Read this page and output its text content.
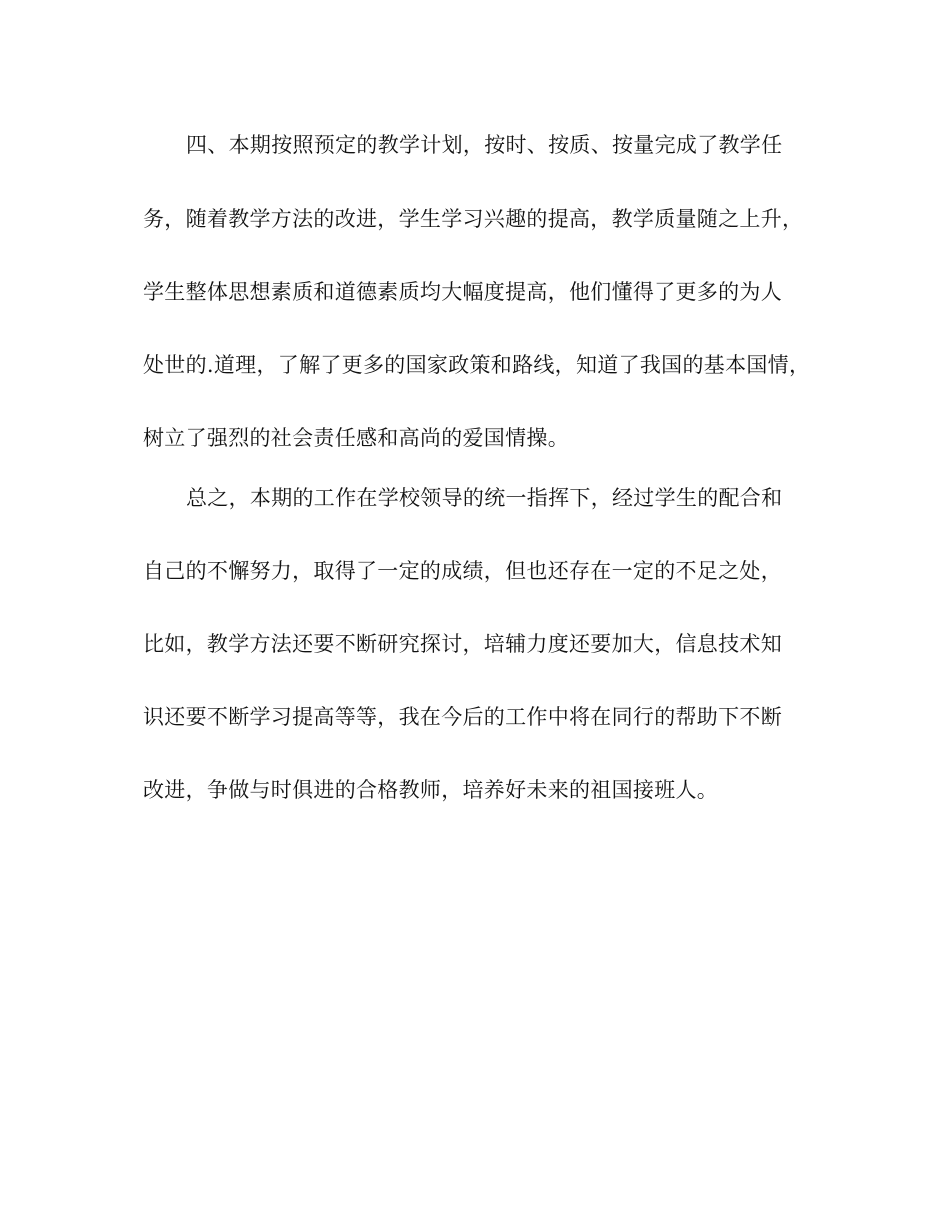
四、本期按照预定的教学计划，按时、按质、按量完成了教学任
务，随着教学方法的改进，学生学习兴趣的提高，教学质量随之上升，
学生整体思想素质和道德素质均大幅度提高，他们懂得了更多的为人
处世的.道理，了解了更多的国家政策和路线，知道了我国的基本国情，
树立了强烈的社会责任感和高尚的爱国情操。
总之，本期的工作在学校领导的统一指挥下，经过学生的配合和
自己的不懈努力，取得了一定的成绩，但也还存在一定的不足之处，
比如，教学方法还要不断研究探讨，培辅力度还要加大，信息技术知
识还要不断学习提高等等，我在今后的工作中将在同行的帮助下不断
改进，争做与时俱进的合格教师，培养好未来的祖国接班人。
